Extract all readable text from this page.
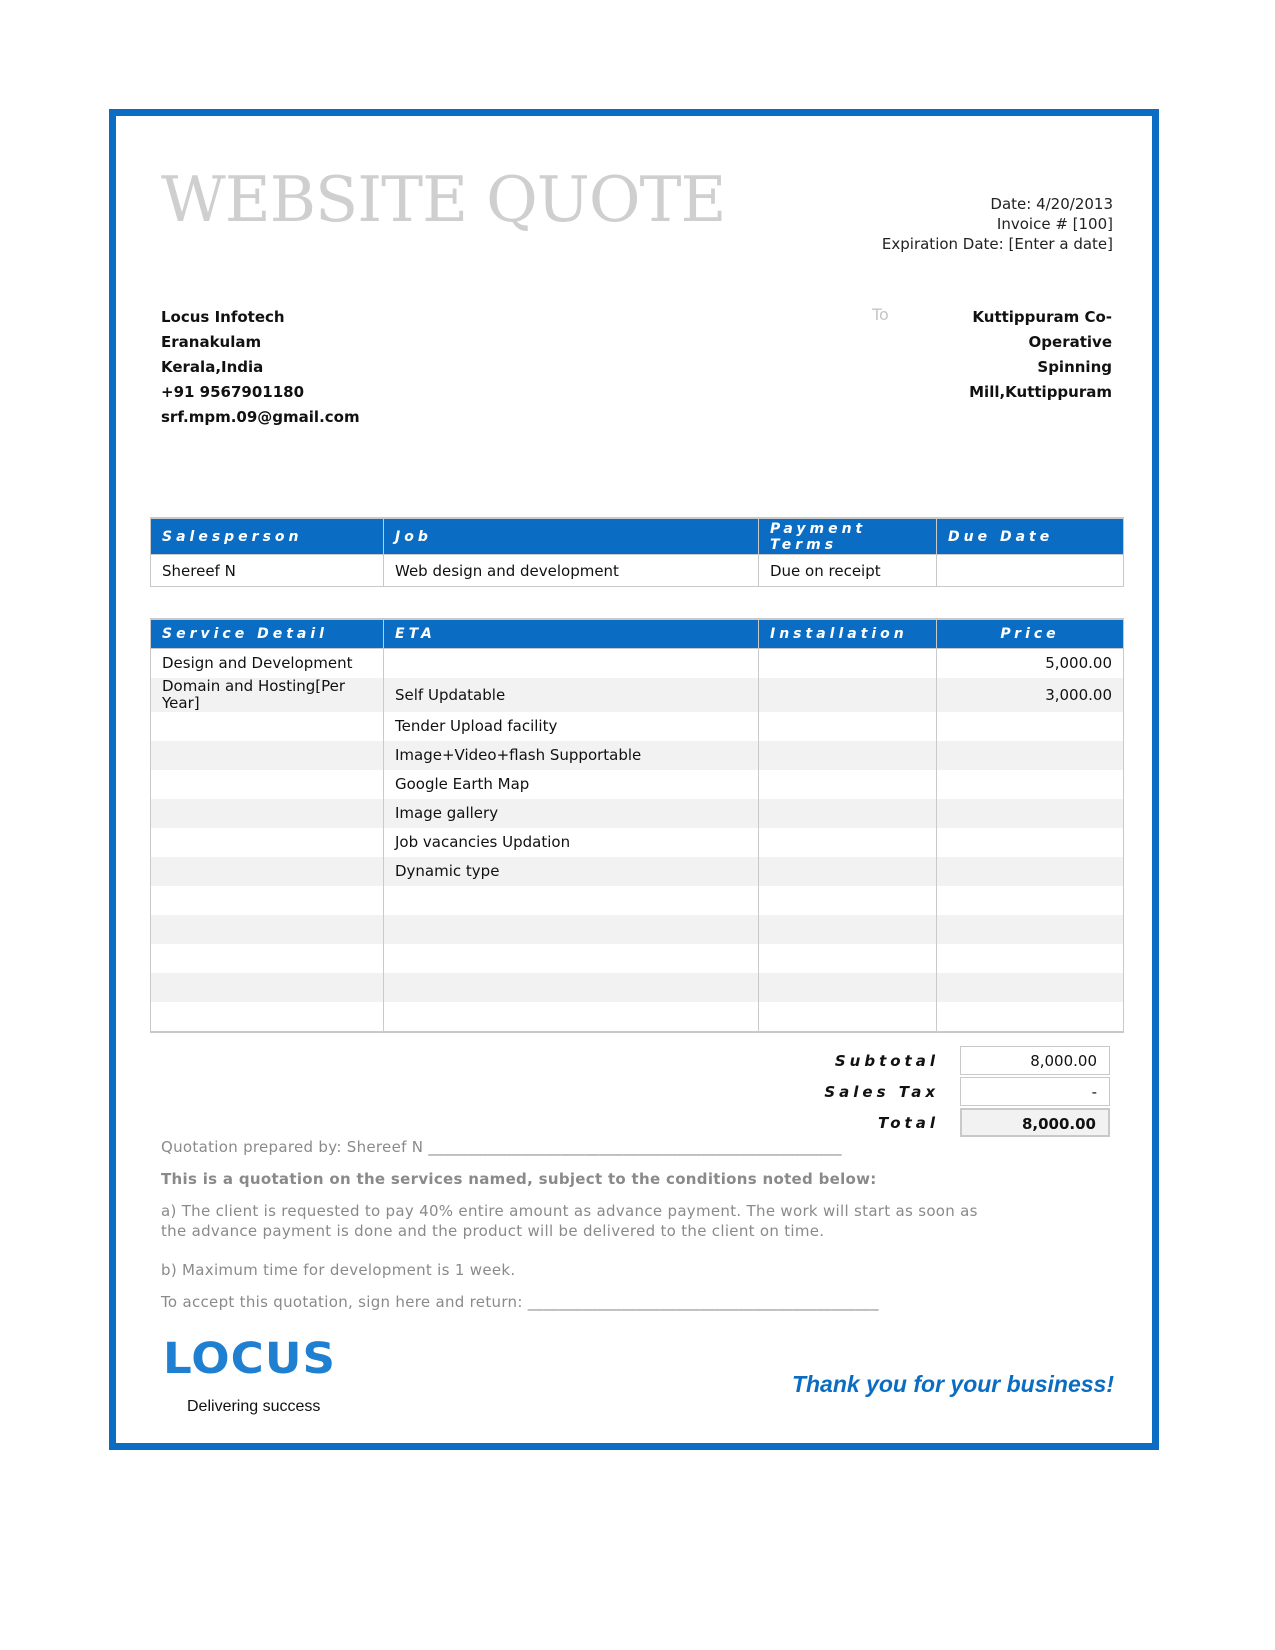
WEBSITE QUOTE	Date: 4/20/2013
Invoice # [100]
Expiration Date: [Enter a date]
Locus Infotech
Eranakulam
Kerala,India
+91 9567901180
srf.mpm.09@gmail.com
To	Kuttippuram Co-
Operative
Spinning
Mill,Kuttippuram
Salesperson	Job	Payment Terms	Due Date
Shereef N	Web design and development	Due on receipt	
Service Detail	ETA	Installation	Price
Design and Development			5,000.00
Domain and Hosting[Per Year]	Self Updatable		3,000.00
	Tender Upload facility		
	Image+Video+flash Supportable		
	Google Earth Map		
	Image gallery		
	Job vacancies Updation		
	Dynamic type		

Subtotal	8,000.00
Sales Tax	-
Total	8,000.00

Quotation prepared by: Shereef N _____________________________________________________

This is a quotation on the services named, subject to the conditions noted below:

a) The client is requested to pay 40% entire amount as advance payment. The work will start as soon as the advance payment is done and the product will be delivered to the client on time.

b) Maximum time for development is 1 week.

To accept this quotation, sign here and return: _____________________________________________

LOCUS
Delivering success
Thank you for your business!
